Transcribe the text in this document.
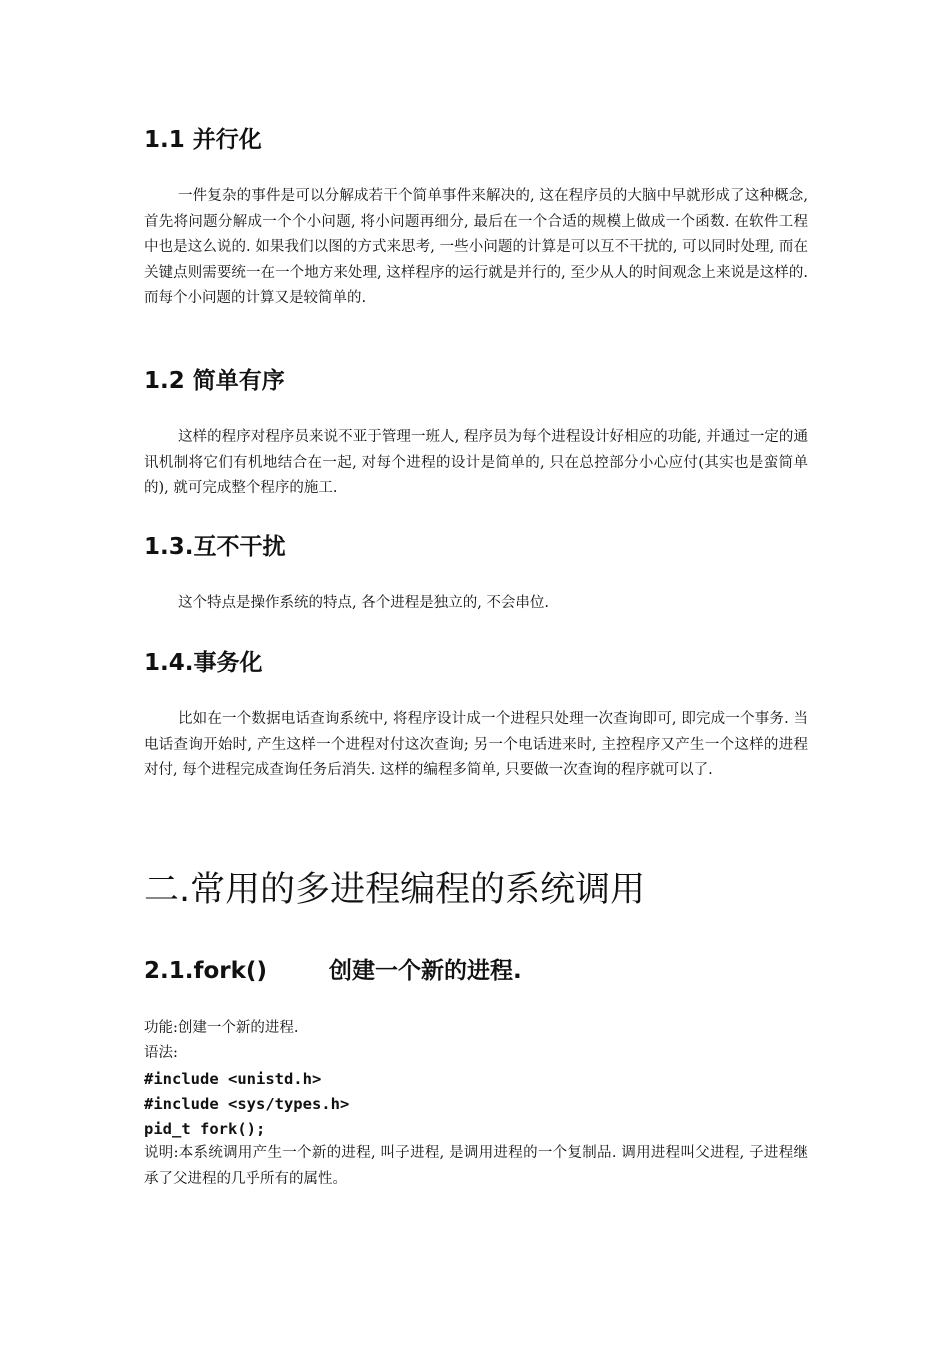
1.1 并行化

一件复杂的事件是可以分解成若干个简单事件来解决的, 这在程序员的大脑中早就形成了这种概念, 首先将问题分解成一个个小问题, 将小问题再细分, 最后在一个合适的规模上做成一个函数. 在软件工程中也是这么说的. 如果我们以图的方式来思考, 一些小问题的计算是可以互不干扰的, 可以同时处理, 而在关键点则需要统一在一个地方来处理, 这样程序的运行就是并行的, 至少从人的时间观念上来说是这样的. 而每个小问题的计算又是较简单的.

1.2 简单有序

这样的程序对程序员来说不亚于管理一班人, 程序员为每个进程设计好相应的功能, 并通过一定的通讯机制将它们有机地结合在一起, 对每个进程的设计是简单的, 只在总控部分小心应付(其实也是蛮简单的), 就可完成整个程序的施工.

1.3.互不干扰

这个特点是操作系统的特点, 各个进程是独立的, 不会串位.

1.4.事务化

比如在一个数据电话查询系统中, 将程序设计成一个进程只处理一次查询即可, 即完成一个事务. 当电话查询开始时, 产生这样一个进程对付这次查询; 另一个电话进来时, 主控程序又产生一个这样的进程对付, 每个进程完成查询任务后消失. 这样的编程多简单, 只要做一次查询的程序就可以了.

二.常用的多进程编程的系统调用
2.1.fork()	创建一个新的进程.

功能:创建一个新的进程.

语法:

#include <unistd.h>

#include <sys/types.h>

pid_t fork();

说明:本系统调用产生一个新的进程, 叫子进程, 是调用进程的一个复制品. 调用进程叫父进程, 子进程继承了父进程的几乎所有的属性。
